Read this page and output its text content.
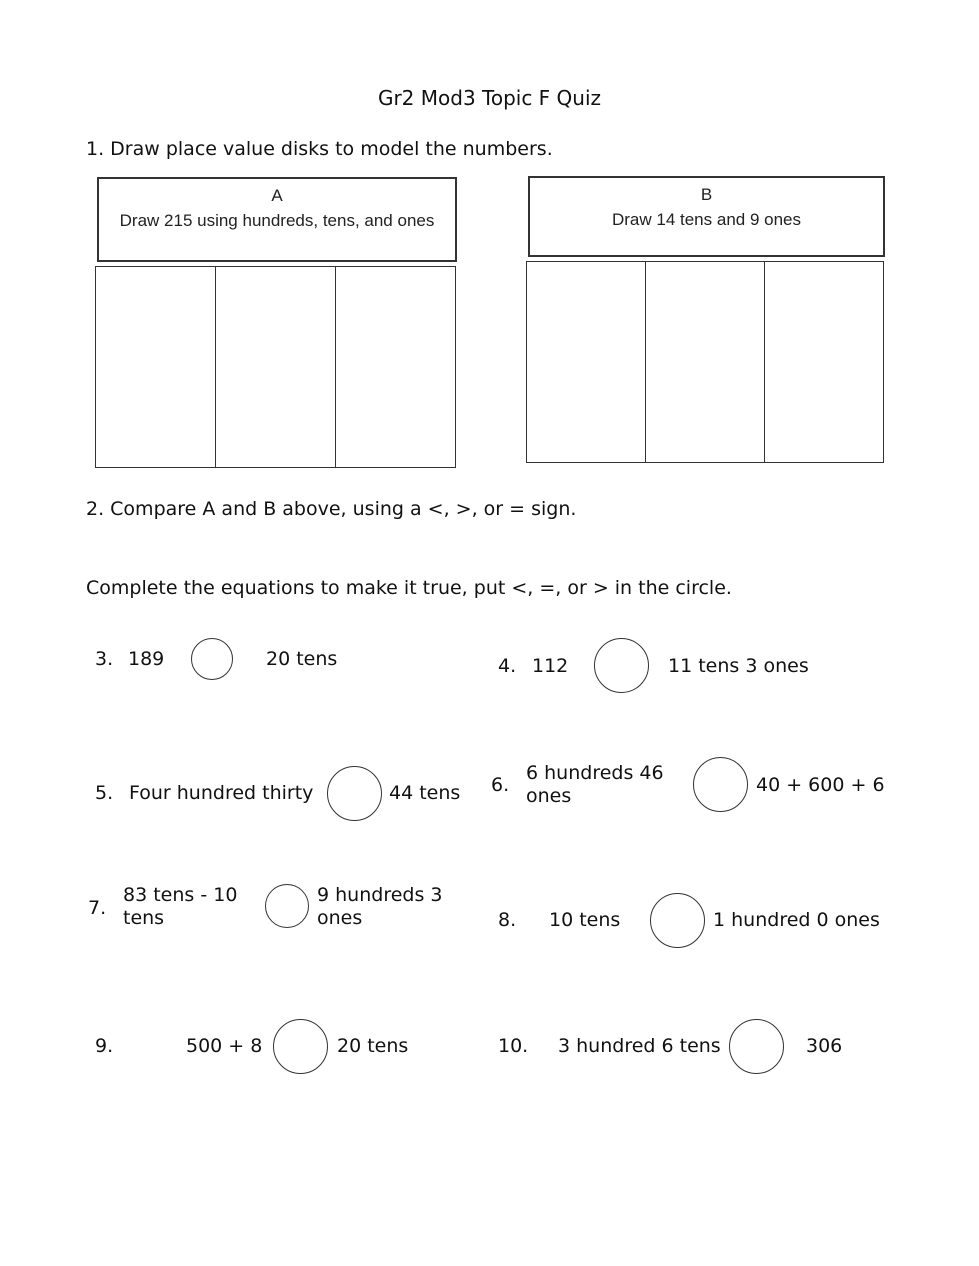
Gr2 Mod3 Topic F Quiz
1. Draw place value disks to model the numbers.
A
Draw 215 using hundreds, tens, and ones
B
Draw 14 tens and 9 ones
2. Compare A and B above, using a <, >, or = sign.
Complete the equations to make it true, put <, =, or > in the circle.
3. 189	20 tens	4. 112	11 tens 3 ones
5. Four hundred thirty	44 tens 6.
6 hundreds 46 ones	40 + 600 + 6
7.
83 tens - 10 tens
9 hundreds 3 ones	8. 10 tens	1 hundred 0 ones
9.	500 + 8	20 tens	10. 3 hundred 6 tens	306
